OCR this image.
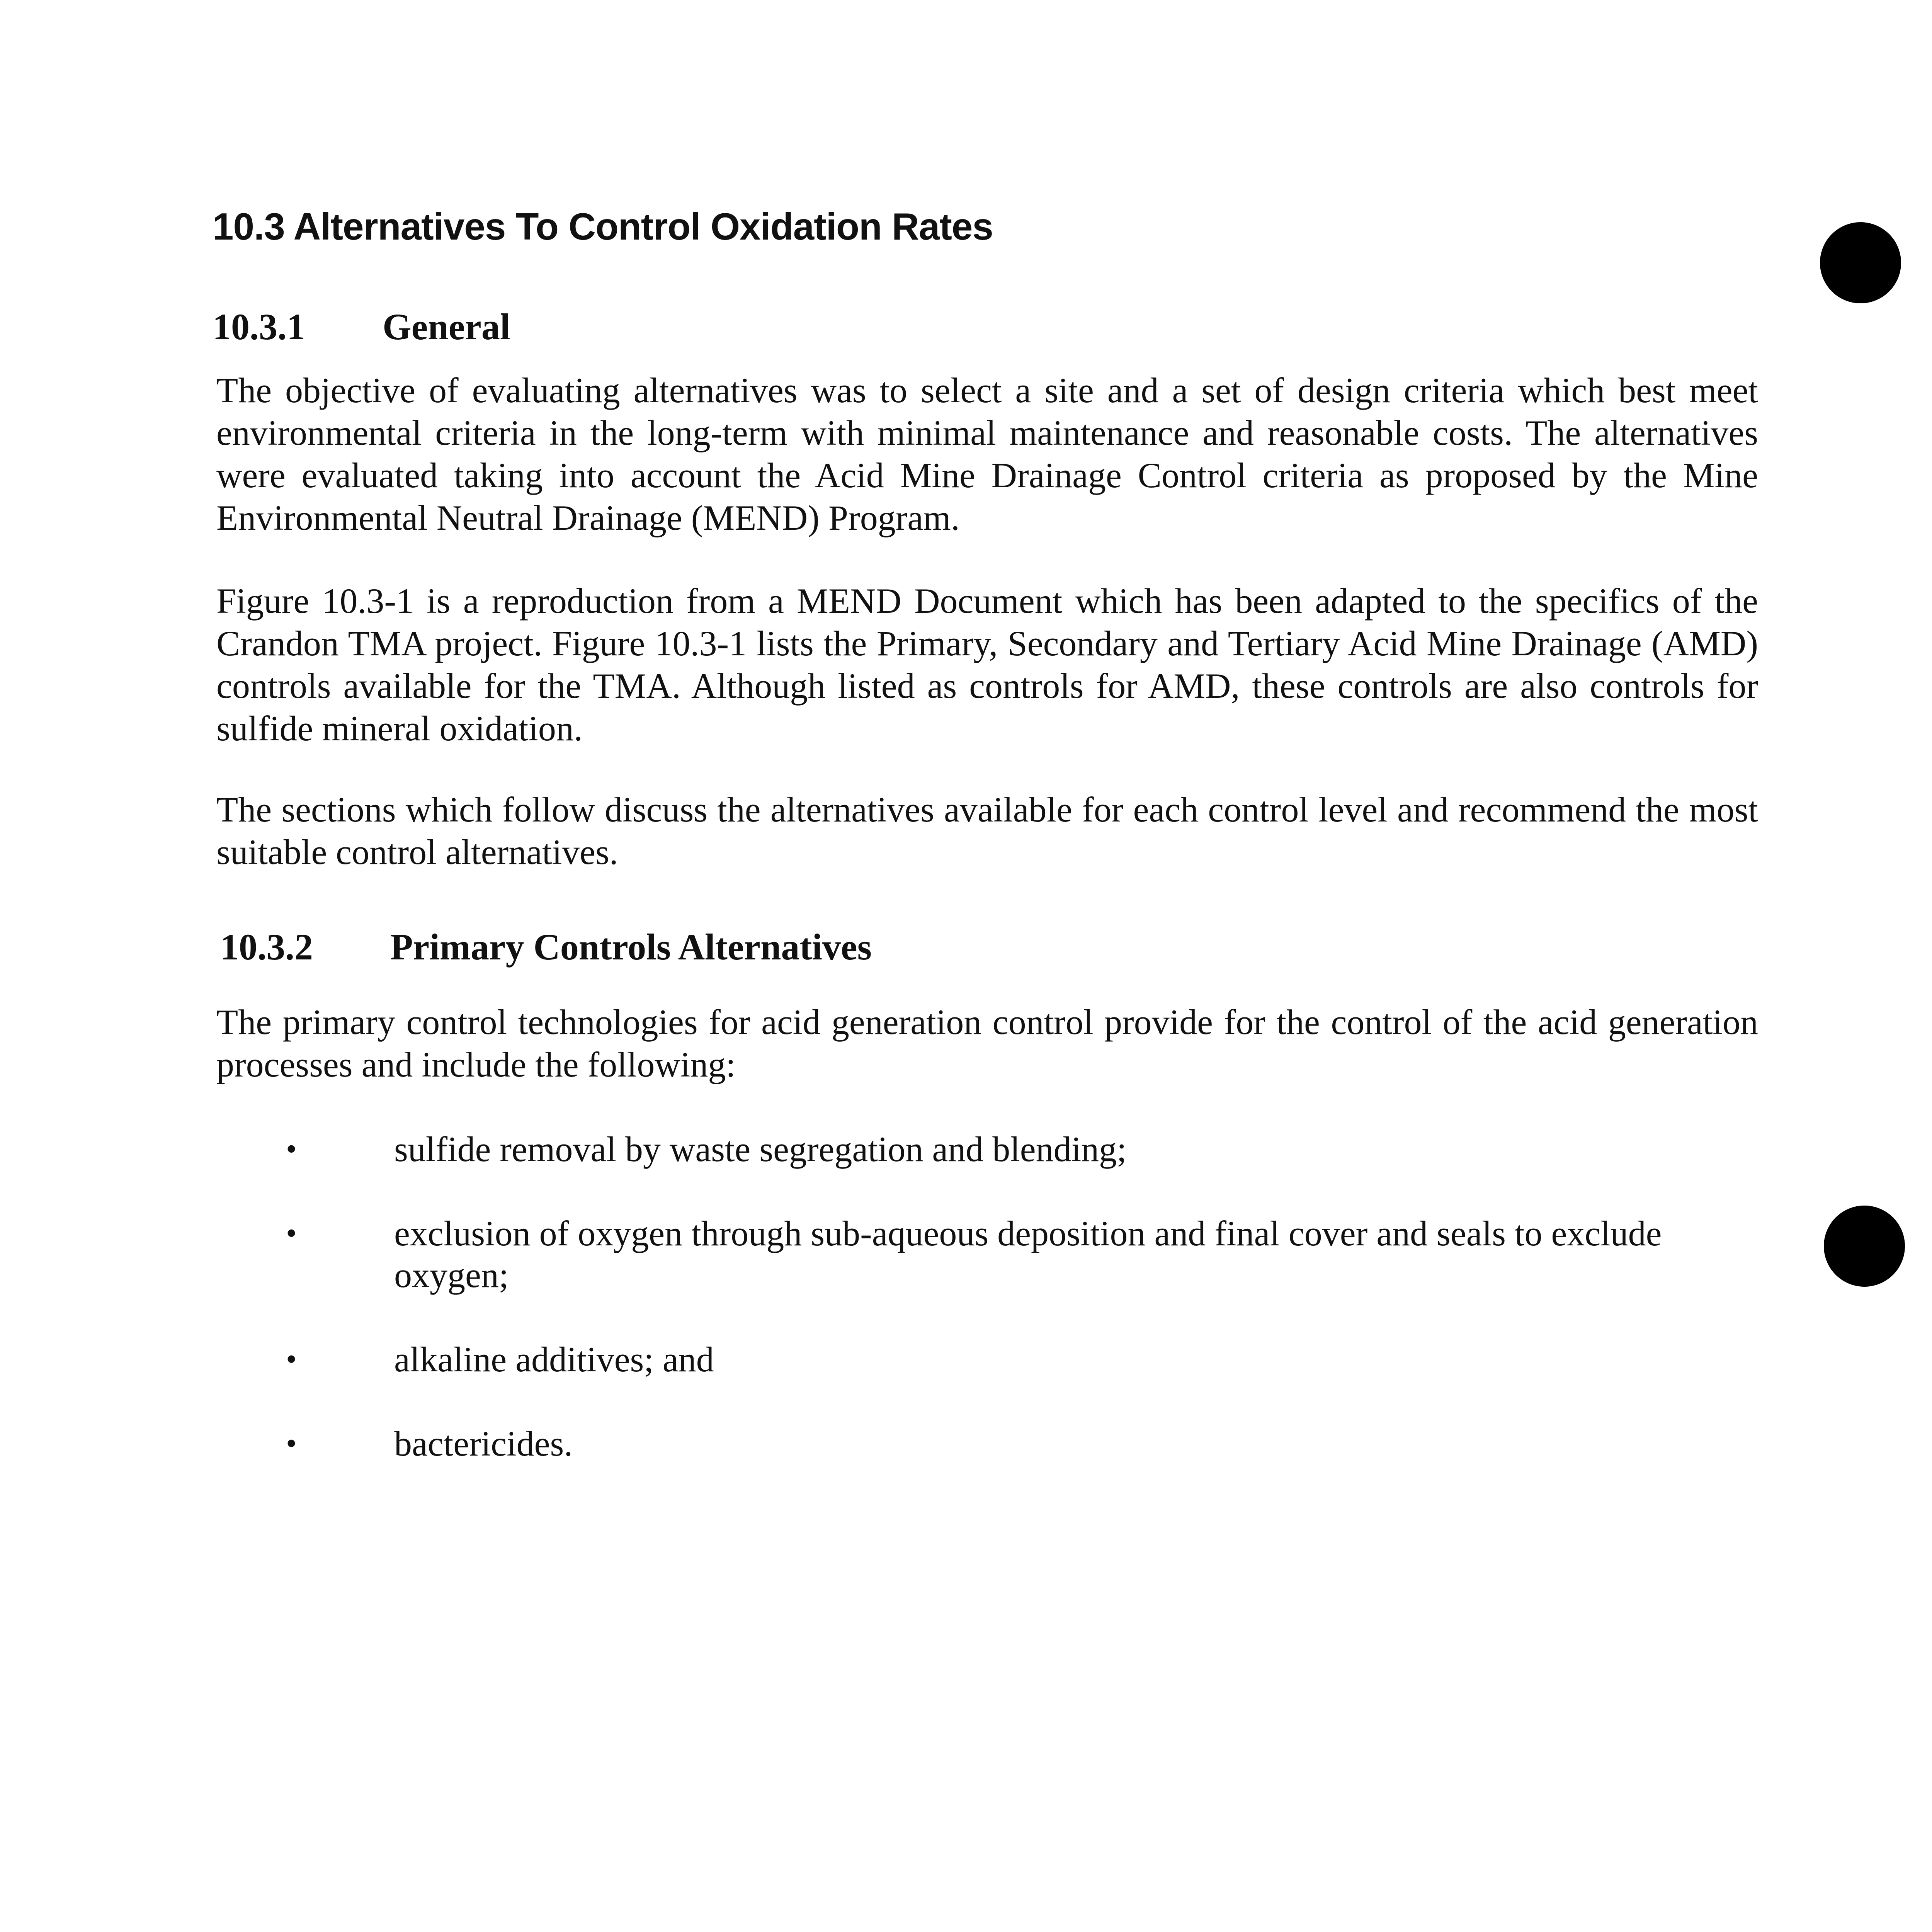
10.3 Alternatives To Control Oxidation Rates
10.3.1 General

The objective of evaluating alternatives was to select a site and a set of design criteria which best meet environmental criteria in the long-term with minimal maintenance and reasonable costs. The alternatives were evaluated taking into account the Acid Mine Drainage Control criteria as proposed by the Mine Environmental Neutral Drainage (MEND) Program.

Figure 10.3-1 is a reproduction from a MEND Document which has been adapted to the specifics of the Crandon TMA project. Figure 10.3-1 lists the Primary, Secondary and Tertiary Acid Mine Drainage (AMD) controls available for the TMA. Although listed as controls for AMD, these controls are also controls for sulfide mineral oxidation.

The sections which follow discuss the alternatives available for each control level and recommend the most suitable control alternatives.

10.3.2 Primary Controls Alternatives

The primary control technologies for acid generation control provide for the control of the acid generation processes and include the following:

•	sulfide removal by waste segregation and blending;
•	exclusion of oxygen through sub-aqueous deposition and final cover and seals to exclude oxygen;
•	alkaline additives; and
•	bactericides.
